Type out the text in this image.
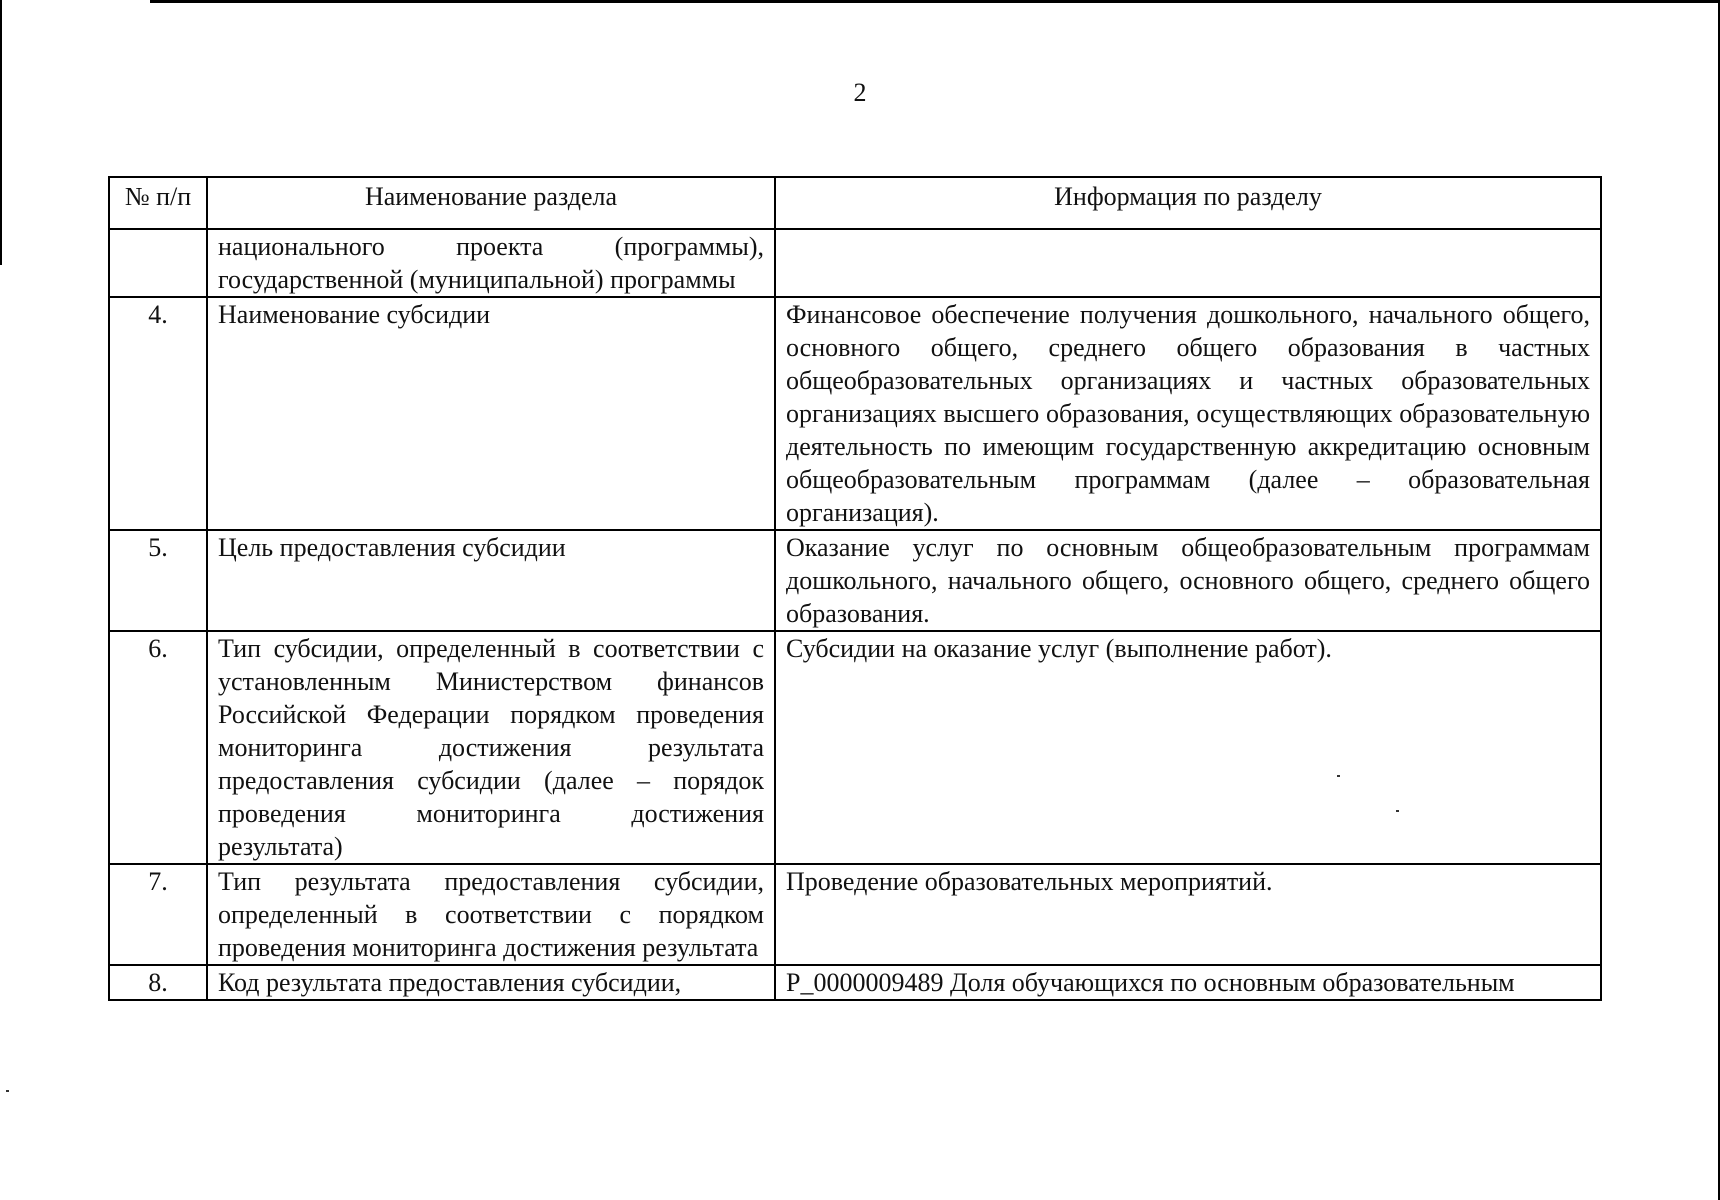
2
№ п/п	Наименование раздела	Информация по разделу
	национального проекта (программы), государственной (муниципальной) программы	
4.	Наименование субсидии	Финансовое обеспечение получения дошкольного, начального общего, основного общего, среднего общего образования в частных общеобразовательных организациях и частных образовательных организациях высшего образования, осуществляющих образовательную деятельность по имеющим государственную аккредитацию основным общеобразовательным программам (далее – образовательная организация).
5.	Цель предоставления субсидии	Оказание услуг по основным общеобразовательным программам дошкольного, начального общего, основного общего, среднего общего образования.
6.	Тип субсидии, определенный в соответствии с установленным Министерством финансов Российской Федерации порядком проведения мониторинга достижения результата предоставления субсидии (далее – порядок проведения мониторинга достижения результата)	Субсидии на оказание услуг (выполнение работ).
7.	Тип результата предоставления субсидии, определенный в соответствии с порядком проведения мониторинга достижения результата	Проведение образовательных мероприятий.
8.	Код результата предоставления субсидии,	P_0000009489 Доля обучающихся по основным образовательным
